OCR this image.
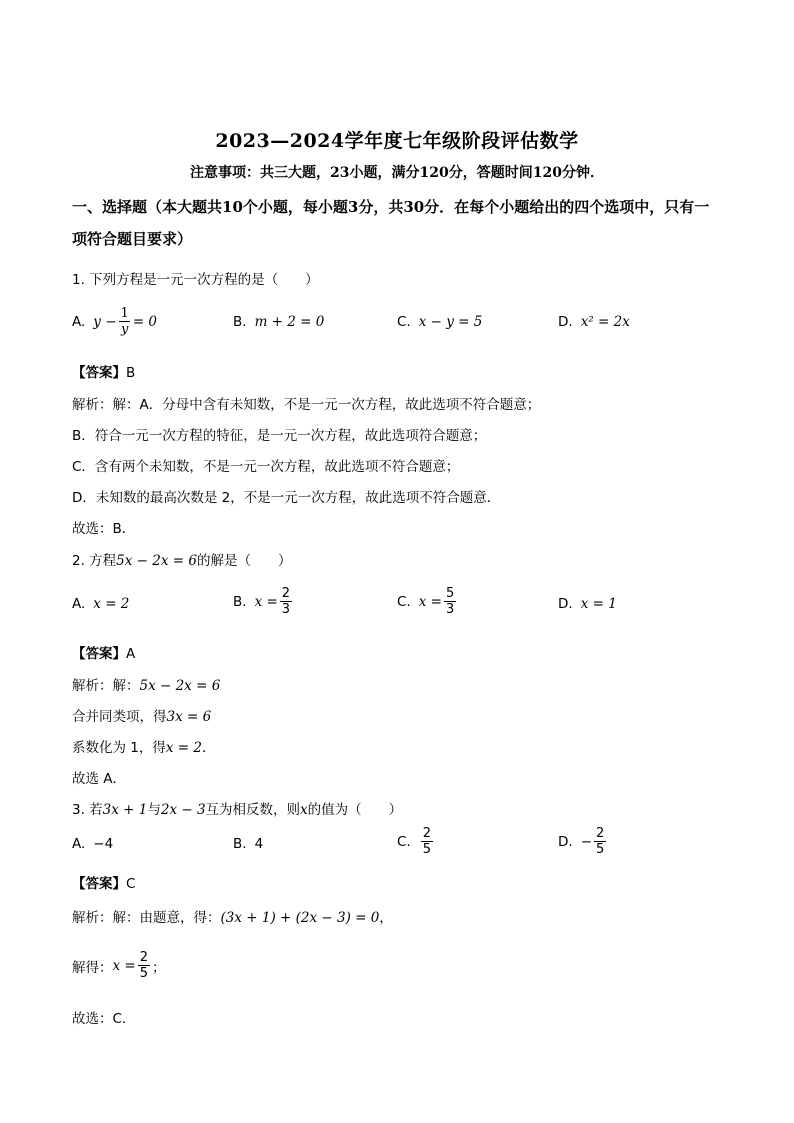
2023—2024学年度七年级阶段评估数学
注意事项：共三大题，23小题，满分120分，答题时间120分钟．
一、选择题（本大题共10个小题，每小题3分，共30分．在每个小题给出的四个选项中，只有一项符合题目要求）
1. 下列方程是一元一次方程的是（　　）
A. $y - \frac{1}{y} = 0$	B. m + 2 = 0	C. x − y = 5	D. x² = 2x
【答案】B
解析：解：A．分母中含有未知数，不是一元一次方程，故此选项不符合题意；
B．符合一元一次方程的特征，是一元一次方程，故此选项符合题意；
C．含有两个未知数，不是一元一次方程，故此选项不符合题意；
D．未知数的最高次数是 2，不是一元一次方程，故此选项不符合题意．
故选：B．
2. 方程5x − 2x = 6的解是（　　）
A. x = 2	B. $x = \frac{2}{3}$	C. $x = \frac{5}{3}$	D. x = 1
【答案】A
解析：解：5x − 2x = 6
合并同类项，得3x = 6
系数化为 1，得x = 2．
故选 A．
3. 若3x + 1与2x − 3互为相反数，则x的值为（　　）
A. −4	B. 4	C. $\frac{2}{5}$	D. − $\frac{2}{5}$
【答案】C
解析：解：由题意，得：(3x + 1) + (2x − 3) = 0，
解得： $x = \frac{2}{5}$ ；
故选：C．
